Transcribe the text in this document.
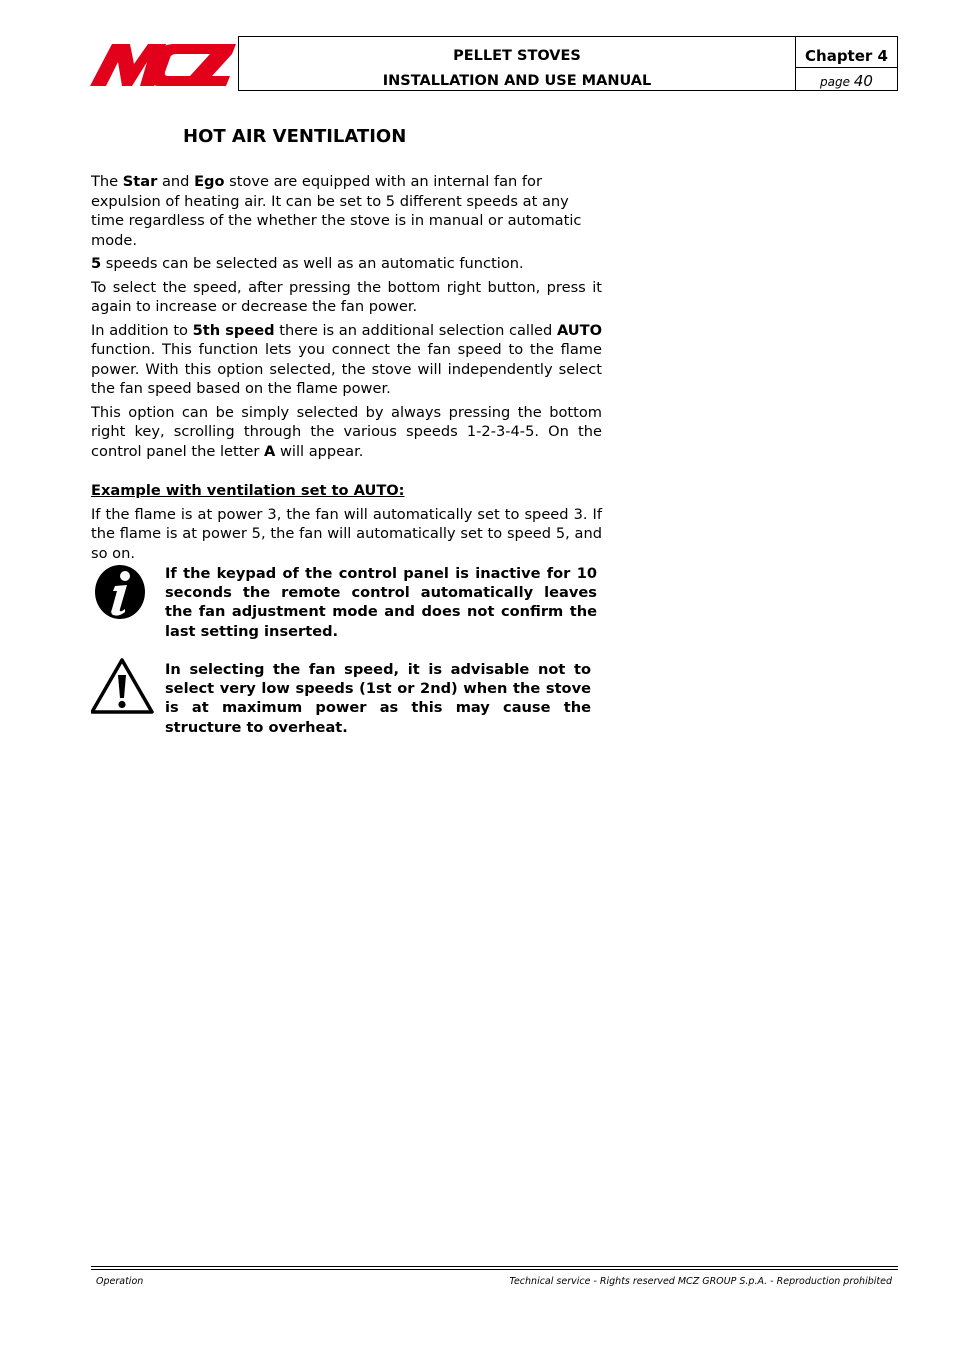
PELLET STOVES
INSTALLATION AND USE MANUAL
Chapter 4
page 40
HOT AIR VENTILATION

The Star and Ego stove are equipped with an internal fan for expulsion of heating air. It can be set to 5 different speeds at any time regardless of the whether the stove is in manual or automatic mode.

5 speeds can be selected as well as an automatic function.

To select the speed, after pressing the bottom right button, press it again to increase or decrease the fan power.

In addition to 5th speed there is an additional selection called AUTO function. This function lets you connect the fan speed to the flame power. With this option selected, the stove will independently select the fan speed based on the flame power.

This option can be simply selected by always pressing the bottom right key, scrolling through the various speeds 1-2-3-4-5. On the control panel the letter A will appear.

Example with ventilation set to AUTO:

If the flame is at power 3, the fan will automatically set to speed 3. If the flame is at power 5, the fan will automatically set to speed 5, and so on.

If the keypad of the control panel is inactive for 10 seconds the remote control automatically leaves the fan adjustment mode and does not confirm the last setting inserted.
In selecting the fan speed, it is advisable not to select very low speeds (1st or 2nd) when the stove is at maximum power as this may cause the structure to overheat.
Operation	Technical service - Rights reserved MCZ GROUP S.p.A. - Reproduction prohibited
